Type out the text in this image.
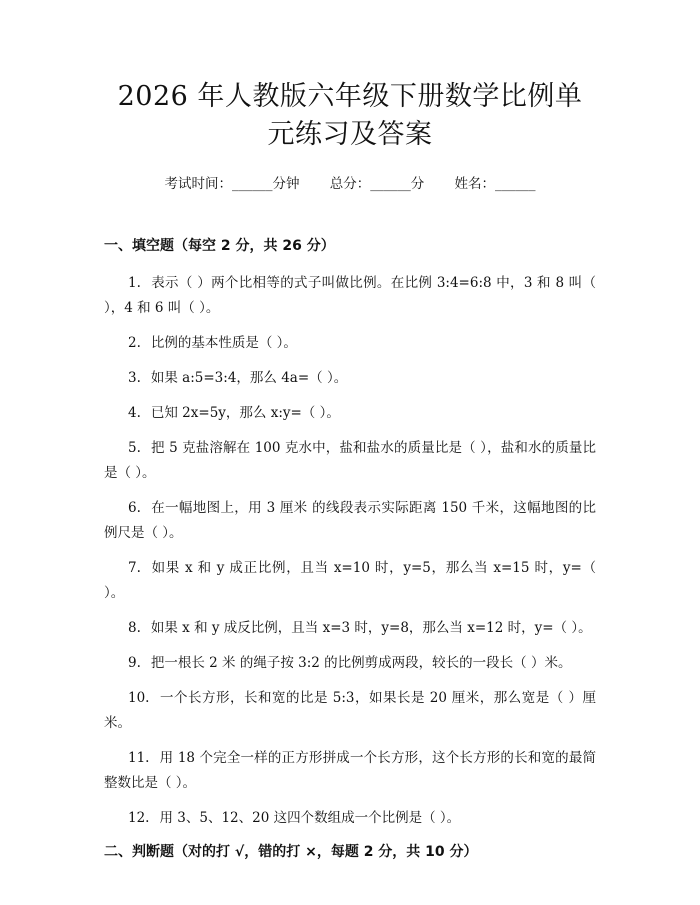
2026 年人教版六年级下册数学比例单元练习及答案
考试时间：______分钟 总分：______分 姓名：______
一、填空题（每空 2 分，共 26 分）

1. 表示（ ）两个比相等的式子叫做比例。在比例 3:4=6:8 中，3 和 8 叫（ ），4 和 6 叫（ ）。

2. 比例的基本性质是（ ）。

3. 如果 a:5=3:4，那么 4a=（ ）。

4. 已知 2x=5y，那么 x:y=（ ）。

5. 把 5 克盐溶解在 100 克水中，盐和盐水的质量比是（ ），盐和水的质量比是（ ）。

6. 在一幅地图上，用 3 厘米 的线段表示实际距离 150 千米，这幅地图的比例尺是（ ）。

7. 如果 x 和 y 成正比例，且当 x=10 时，y=5，那么当 x=15 时，y=（ ）。

8. 如果 x 和 y 成反比例，且当 x=3 时，y=8，那么当 x=12 时，y=（ ）。

9. 把一根长 2 米 的绳子按 3:2 的比例剪成两段，较长的一段长（ ）米。

10. 一个长方形，长和宽的比是 5:3，如果长是 20 厘米，那么宽是（ ）厘米。

11. 用 18 个完全一样的正方形拼成一个长方形，这个长方形的长和宽的最简整数比是（ ）。

12. 用 3、5、12、20 这四个数组成一个比例是（ ）。

二、判断题（对的打 √，错的打 ×，每题 2 分，共 10 分）
